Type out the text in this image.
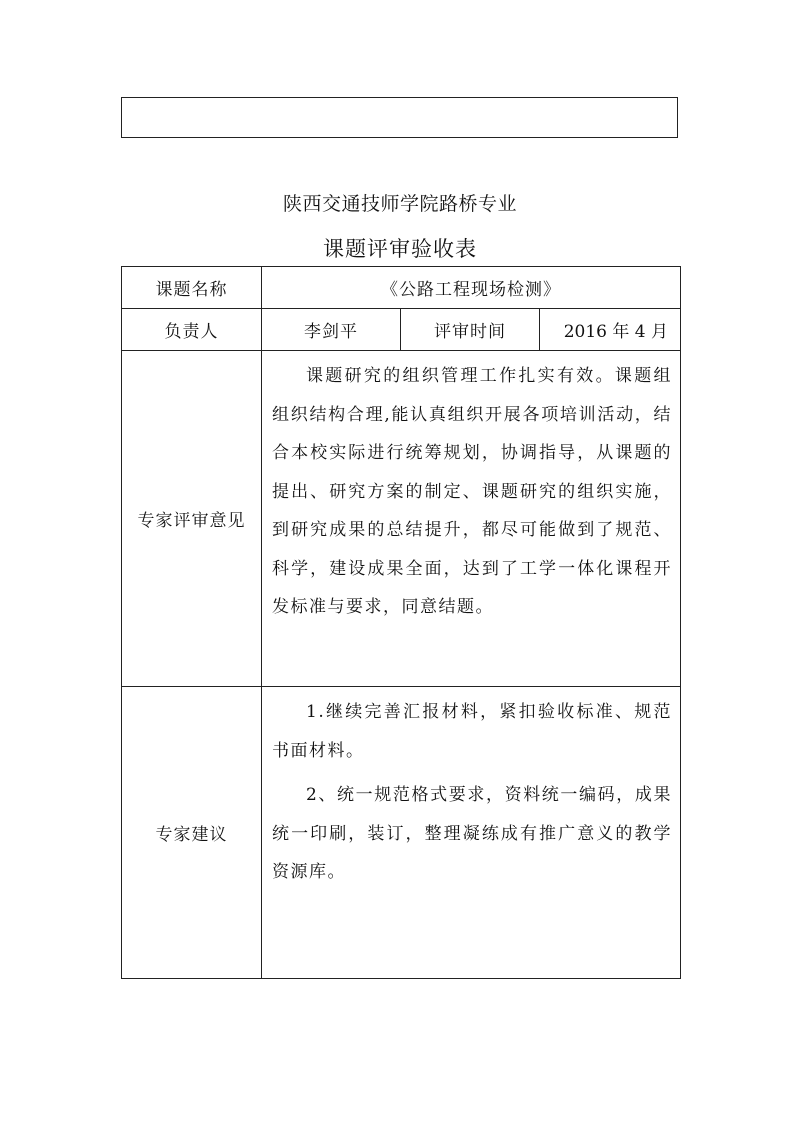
陕西交通技师学院路桥专业
课题评审验收表
课题名称	《公路工程现场检测》		
负责人	李剑平	评审时间	2016 年 4 月
专家评审意见	课题研究的组织管理工作扎实有效。课题组组织结构合理,能认真组织开展各项培训活动，结合本校实际进行统筹规划，协调指导，从课题的提出、研究方案的制定、课题研究的组织实施，到研究成果的总结提升，都尽可能做到了规范、科学，建设成果全面，达到了工学一体化课程开发标准与要求，同意结题。		

专家建议	1.继续完善汇报材料，紧扣验收标准、规范书面材料。

2、统一规范格式要求，资料统一编码，成果统一印刷，装订，整理凝练成有推广意义的教学资源库。		
